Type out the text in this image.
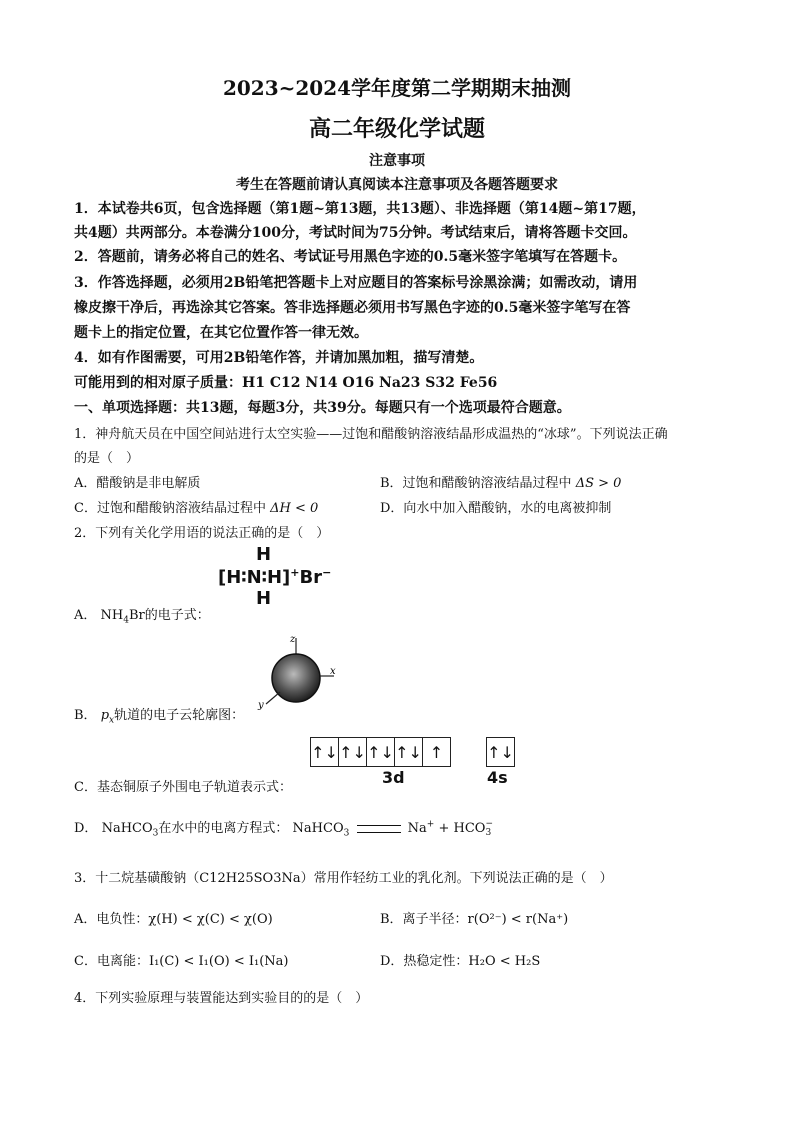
2023~2024学年度第二学期期末抽测
高二年级化学试题
注意事项
考生在答题前请认真阅读本注意事项及各题答题要求
1．本试卷共6页，包含选择题（第1题~第13题，共13题）、非选择题（第14题~第17题，
共4题）共两部分。本卷满分100分，考试时间为75分钟。考试结束后，请将答题卡交回。
2．答题前，请务必将自己的姓名、考试证号用黑色字迹的0.5毫米签字笔填写在答题卡。
3．作答选择题，必须用2B铅笔把答题卡上对应题目的答案标号涂黑涂满；如需改动，请用
橡皮擦干净后，再选涂其它答案。答非选择题必须用书写黑色字迹的0.5毫米签字笔写在答
题卡上的指定位置，在其它位置作答一律无效。
4．如有作图需要，可用2B铅笔作答，并请加黑加粗，描写清楚。
可能用到的相对原子质量：H1 C12 N14 O16 Na23 S32 Fe56
一、单项选择题：共13题，每题3分，共39分。每题只有一个选项最符合题意。
1．神舟航天员在中国空间站进行太空实验——过饱和醋酸钠溶液结晶形成温热的“冰球”。下列说法正确
的是（　）
A．醋酸钠是非电解质	B．过饱和醋酸钠溶液结晶过程中 ΔS > 0
C．过饱和醋酸钠溶液结晶过程中 ΔH < 0	D．向水中加入醋酸钠，水的电离被抑制
2．下列有关化学用语的说法正确的是（　）
H
[H∶N∶H]+Br−
H
A． $NH_4Br$的电子式：
z
x
y
B． $p_x$轨道的电子云轮廓图：
↑↓ ↑↓ ↑↓ ↑↓ ↑	↑↓
3d	4s
C．基态铜原子外围电子轨道表示式：
D． NaHCO$_3$在水中的电离方程式： NaHCO$_3$	Na+ + HCO −
3
3．十二烷基磺酸钠（C12H25SO3Na）常用作轻纺工业的乳化剂。下列说法正确的是（　）
A．电负性：χ(H) < χ(C) < χ(O)	B．离子半径：r(O²⁻) < r(Na⁺)
C．电离能：I₁(C) < I₁(O) < I₁(Na)	D．热稳定性：H₂O < H₂S
4．下列实验原理与装置能达到实验目的的是（　）
